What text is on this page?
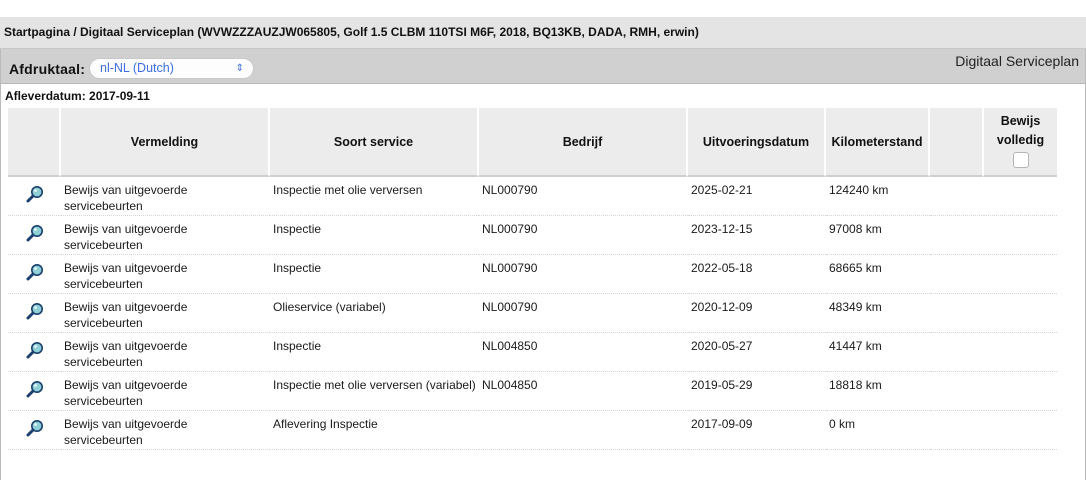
Startpagina / Digitaal Serviceplan (WVWZZZAUZJW065805, Golf 1.5 CLBM 110TSI M6F, 2018, BQ13KB, DADA, RMH, erwin)
Afdruktaal:	nl-NL (Dutch)	⇕	Digitaal Serviceplan
Afleverdatum: 2017-09-11
	Vermelding	Soort service	Bedrijf	Uitvoeringsdatum	Kilometerstand		Bewijs
volledig

	Bewijs van uitgevoerde servicebeurten	Inspectie met olie verversen	NL000790	2025-02-21	124240 km		
	Bewijs van uitgevoerde servicebeurten	Inspectie	NL000790	2023-12-15	97008 km		
	Bewijs van uitgevoerde servicebeurten	Inspectie	NL000790	2022-05-18	68665 km		
	Bewijs van uitgevoerde servicebeurten	Olieservice (variabel)	NL000790	2020-12-09	48349 km		
	Bewijs van uitgevoerde servicebeurten	Inspectie	NL004850	2020-05-27	41447 km		
	Bewijs van uitgevoerde servicebeurten	Inspectie met olie verversen (variabel)	NL004850	2019-05-29	18818 km		
	Bewijs van uitgevoerde servicebeurten	Aflevering Inspectie		2017-09-09	0 km		
